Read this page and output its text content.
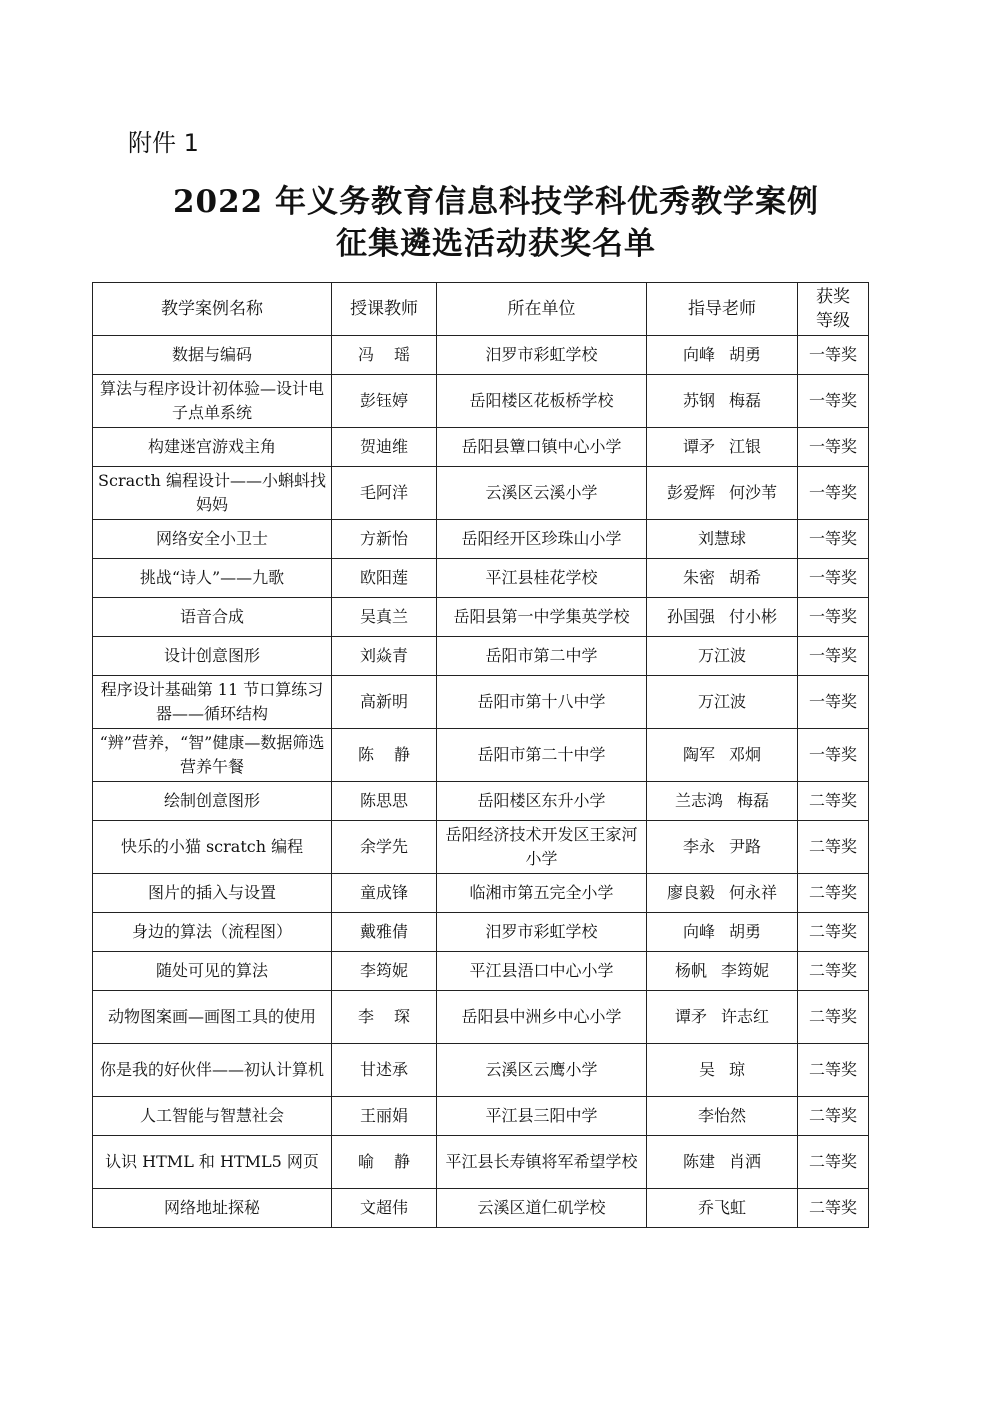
附件 1
2022 年义务教育信息科技学科优秀教学案例
征集遴选活动获奖名单
教学案例名称	授课教师	所在单位	指导老师	获奖
等级
数据与编码	冯 瑶	汨罗市彩虹学校	向峰 胡勇	一等奖
算法与程序设计初体验—设计电子点单系统	彭钰婷	岳阳楼区花板桥学校	苏钢 梅磊	一等奖
构建迷宫游戏主角	贺迪维	岳阳县簟口镇中心小学	谭矛 江银	一等奖
Scracth 编程设计——小蝌蚪找妈妈	毛阿洋	云溪区云溪小学	彭爱辉 何沙苇	一等奖
网络安全小卫士	方新怡	岳阳经开区珍珠山小学	刘慧球	一等奖
挑战“诗人”——九歌	欧阳莲	平江县桂花学校	朱密 胡希	一等奖
语音合成	吴真兰	岳阳县第一中学集英学校	孙国强 付小彬	一等奖
设计创意图形	刘焱青	岳阳市第二中学	万江波	一等奖
程序设计基础第 11 节口算练习器——循环结构	高新明	岳阳市第十八中学	万江波	一等奖
“辨”营养，“智”健康—数据筛选营养午餐	陈 静	岳阳市第二十中学	陶军 邓炯	一等奖
绘制创意图形	陈思思	岳阳楼区东升小学	兰志鸿 梅磊	二等奖
快乐的小猫 scratch 编程	余学先	岳阳经济技术开发区王家河小学	李永 尹路	二等奖
图片的插入与设置	童成锋	临湘市第五完全小学	廖良毅 何永祥	二等奖
身边的算法（流程图）	戴雅倩	汨罗市彩虹学校	向峰 胡勇	二等奖
随处可见的算法	李筠妮	平江县浯口中心小学	杨帆 李筠妮	二等奖
动物图案画—画图工具的使用	李 琛	岳阳县中洲乡中心小学	谭矛 许志红	二等奖
你是我的好伙伴——初认计算机	甘述承	云溪区云鹰小学	吴 琼	二等奖
人工智能与智慧社会	王丽娟	平江县三阳中学	李怡然	二等奖
认识 HTML 和 HTML5 网页	喻 静	平江县长寿镇将军希望学校	陈建 肖洒	二等奖
网络地址探秘	文超伟	云溪区道仁矶学校	乔飞虹	二等奖
